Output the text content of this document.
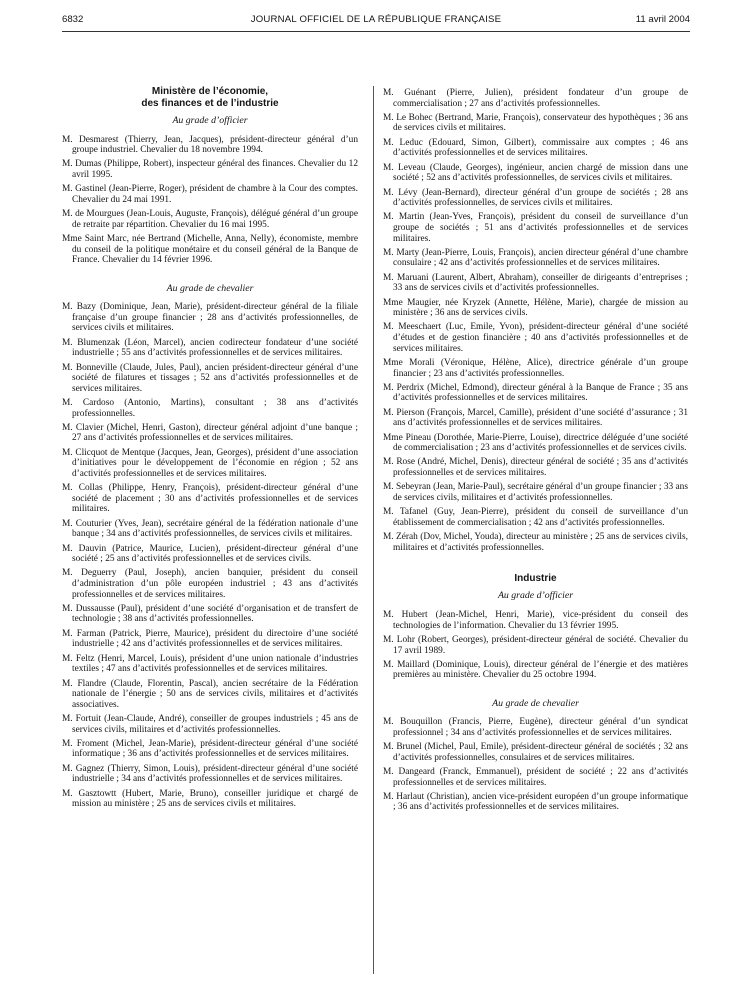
6832	JOURNAL OFFICIEL DE LA RÉPUBLIQUE FRANÇAISE	11 avril 2004
Ministère de l’économie,
des finances et de l’industrie
Au grade d’officier
M. Desmarest (Thierry, Jean, Jacques), président-directeur général d’un groupe industriel. Chevalier du 18 novembre 1994.
M. Dumas (Philippe, Robert), inspecteur général des finances. Chevalier du 12 avril 1995.
M. Gastinel (Jean-Pierre, Roger), président de chambre à la Cour des comptes. Chevalier du 24 mai 1991.
M. de Mourgues (Jean-Louis, Auguste, François), délégué général d’un groupe de retraite par répartition. Chevalier du 16 mai 1995.
Mme Saint Marc, née Bertrand (Michelle, Anna, Nelly), économiste, membre du conseil de la politique monétaire et du conseil général de la Banque de France. Chevalier du 14 février 1996.
Au grade de chevalier
M. Bazy (Dominique, Jean, Marie), président-directeur général de la filiale française d’un groupe financier ; 28 ans d’activités professionnelles, de services civils et militaires.
M. Blumenzak (Léon, Marcel), ancien codirecteur fondateur d’une société industrielle ; 55 ans d’activités professionnelles et de services militaires.
M. Bonneville (Claude, Jules, Paul), ancien président-directeur général d’une société de filatures et tissages ; 52 ans d’activités professionnelles et de services militaires.
M. Cardoso (Antonio, Martins), consultant ; 38 ans d’activités professionnelles.
M. Clavier (Michel, Henri, Gaston), directeur général adjoint d’une banque ; 27 ans d’activités professionnelles et de services militaires.
M. Clicquot de Mentque (Jacques, Jean, Georges), président d’une association d’initiatives pour le développement de l’économie en région ; 52 ans d’activités professionnelles et de services militaires.
M. Collas (Philippe, Henry, François), président-directeur général d’une société de placement ; 30 ans d’activités professionnelles et de services militaires.
M. Couturier (Yves, Jean), secrétaire général de la fédération nationale d’une banque ; 34 ans d’activités professionnelles, de services civils et militaires.
M. Dauvin (Patrice, Maurice, Lucien), président-directeur général d’une société ; 25 ans d’activités professionnelles et de services civils.
M. Deguerry (Paul, Joseph), ancien banquier, président du conseil d’administration d’un pôle européen industriel ; 43 ans d’activités professionnelles et de services militaires.
M. Dussausse (Paul), président d’une société d’organisation et de transfert de technologie ; 38 ans d’activités professionnelles.
M. Farman (Patrick, Pierre, Maurice), président du directoire d’une société industrielle ; 42 ans d’activités professionnelles et de services militaires.
M. Feltz (Henri, Marcel, Louis), président d’une union nationale d’industries textiles ; 47 ans d’activités professionnelles et de services militaires.
M. Flandre (Claude, Florentin, Pascal), ancien secrétaire de la Fédération nationale de l’énergie ; 50 ans de services civils, militaires et d’activités associatives.
M. Fortuit (Jean-Claude, André), conseiller de groupes industriels ; 45 ans de services civils, militaires et d’activités professionnelles.
M. Froment (Michel, Jean-Marie), président-directeur général d’une société informatique ; 36 ans d’activités professionnelles et de services militaires.
M. Gagnez (Thierry, Simon, Louis), président-directeur général d’une société industrielle ; 34 ans d’activités professionnelles et de services militaires.
M. Gasztowtt (Hubert, Marie, Bruno), conseiller juridique et chargé de mission au ministère ; 25 ans de services civils et militaires.
M. Guénant (Pierre, Julien), président fondateur d’un groupe de commercialisation ; 27 ans d’activités professionnelles.
M. Le Bohec (Bertrand, Marie, François), conservateur des hypothèques ; 36 ans de services civils et militaires.
M. Leduc (Edouard, Simon, Gilbert), commissaire aux comptes ; 46 ans d’activités professionnelles et de services militaires.
M. Leveau (Claude, Georges), ingénieur, ancien chargé de mission dans une société ; 52 ans d’activités professionnelles, de services civils et militaires.
M. Lévy (Jean-Bernard), directeur général d’un groupe de sociétés ; 28 ans d’activités professionnelles, de services civils et militaires.
M. Martin (Jean-Yves, François), président du conseil de surveillance d’un groupe de sociétés ; 51 ans d’activités professionnelles et de services militaires.
M. Marty (Jean-Pierre, Louis, François), ancien directeur général d’une chambre consulaire ; 42 ans d’activités professionnelles et de services militaires.
M. Maruani (Laurent, Albert, Abraham), conseiller de dirigeants d’entreprises ; 33 ans de services civils et d’activités professionnelles.
Mme Maugier, née Kryzek (Annette, Hélène, Marie), chargée de mission au ministère ; 36 ans de services civils.
M. Meeschaert (Luc, Emile, Yvon), président-directeur général d’une société d’études et de gestion financière ; 40 ans d’activités professionnelles et de services militaires.
Mme Morali (Véronique, Hélène, Alice), directrice générale d’un groupe financier ; 23 ans d’activités professionnelles.
M. Perdrix (Michel, Edmond), directeur général à la Banque de France ; 35 ans d’activités professionnelles et de services militaires.
M. Pierson (François, Marcel, Camille), président d’une société d’assurance ; 31 ans d’activités professionnelles et de services militaires.
Mme Pineau (Dorothée, Marie-Pierre, Louise), directrice déléguée d’une société de commercialisation ; 23 ans d’activités professionnelles et de services civils.
M. Rose (André, Michel, Denis), directeur général de société ; 35 ans d’activités professionnelles et de services militaires.
M. Sebeyran (Jean, Marie-Paul), secrétaire général d’un groupe financier ; 33 ans de services civils, militaires et d’activités professionnelles.
M. Tafanel (Guy, Jean-Pierre), président du conseil de surveillance d’un établissement de commercialisation ; 42 ans d’activités professionnelles.
M. Zérah (Dov, Michel, Youda), directeur au ministère ; 25 ans de services civils, militaires et d’activités professionnelles.
Industrie
Au grade d’officier
M. Hubert (Jean-Michel, Henri, Marie), vice-président du conseil des technologies de l’information. Chevalier du 13 février 1995.
M. Lohr (Robert, Georges), président-directeur général de société. Chevalier du 17 avril 1989.
M. Maillard (Dominique, Louis), directeur général de l’énergie et des matières premières au ministère. Chevalier du 25 octobre 1994.
Au grade de chevalier
M. Bouquillon (Francis, Pierre, Eugène), directeur général d’un syndicat professionnel ; 34 ans d’activités professionnelles et de services militaires.
M. Brunel (Michel, Paul, Emile), président-directeur général de sociétés ; 32 ans d’activités professionnelles, consulaires et de services militaires.
M. Dangeard (Franck, Emmanuel), président de société ; 22 ans d’activités professionnelles et de services militaires.
M. Harlaut (Christian), ancien vice-président européen d’un groupe informatique ; 36 ans d’activités professionnelles et de services militaires.
